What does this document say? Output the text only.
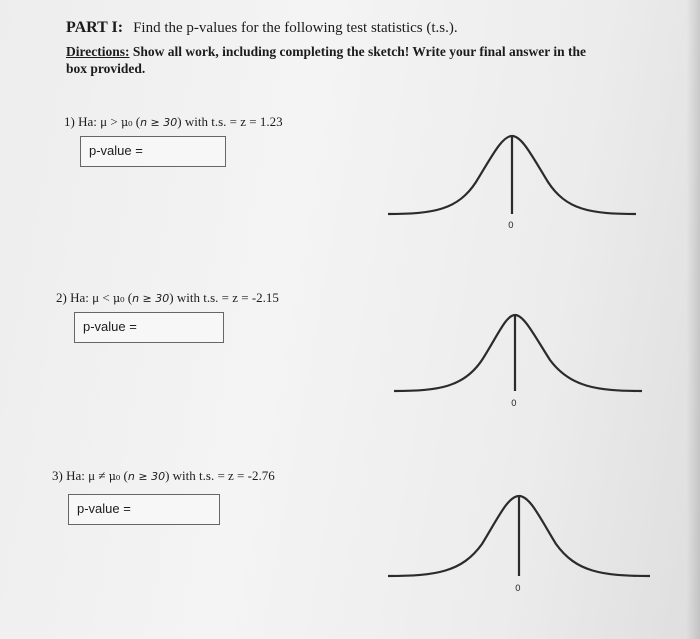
PART I: Find the p-values for the following test statistics (t.s.).
Directions: Show all work, including completing the sketch! Write your final answer in the box provided.
1) Ha: μ > μ₀ (n ≥ 30) with t.s. = z = 1.23
p-value =
0
2) Ha: μ < μ₀ (n ≥ 30) with t.s. = z = -2.15
p-value =
0
3) Ha: μ ≠ μ₀ (n ≥ 30) with t.s. = z = -2.76
p-value =
0
